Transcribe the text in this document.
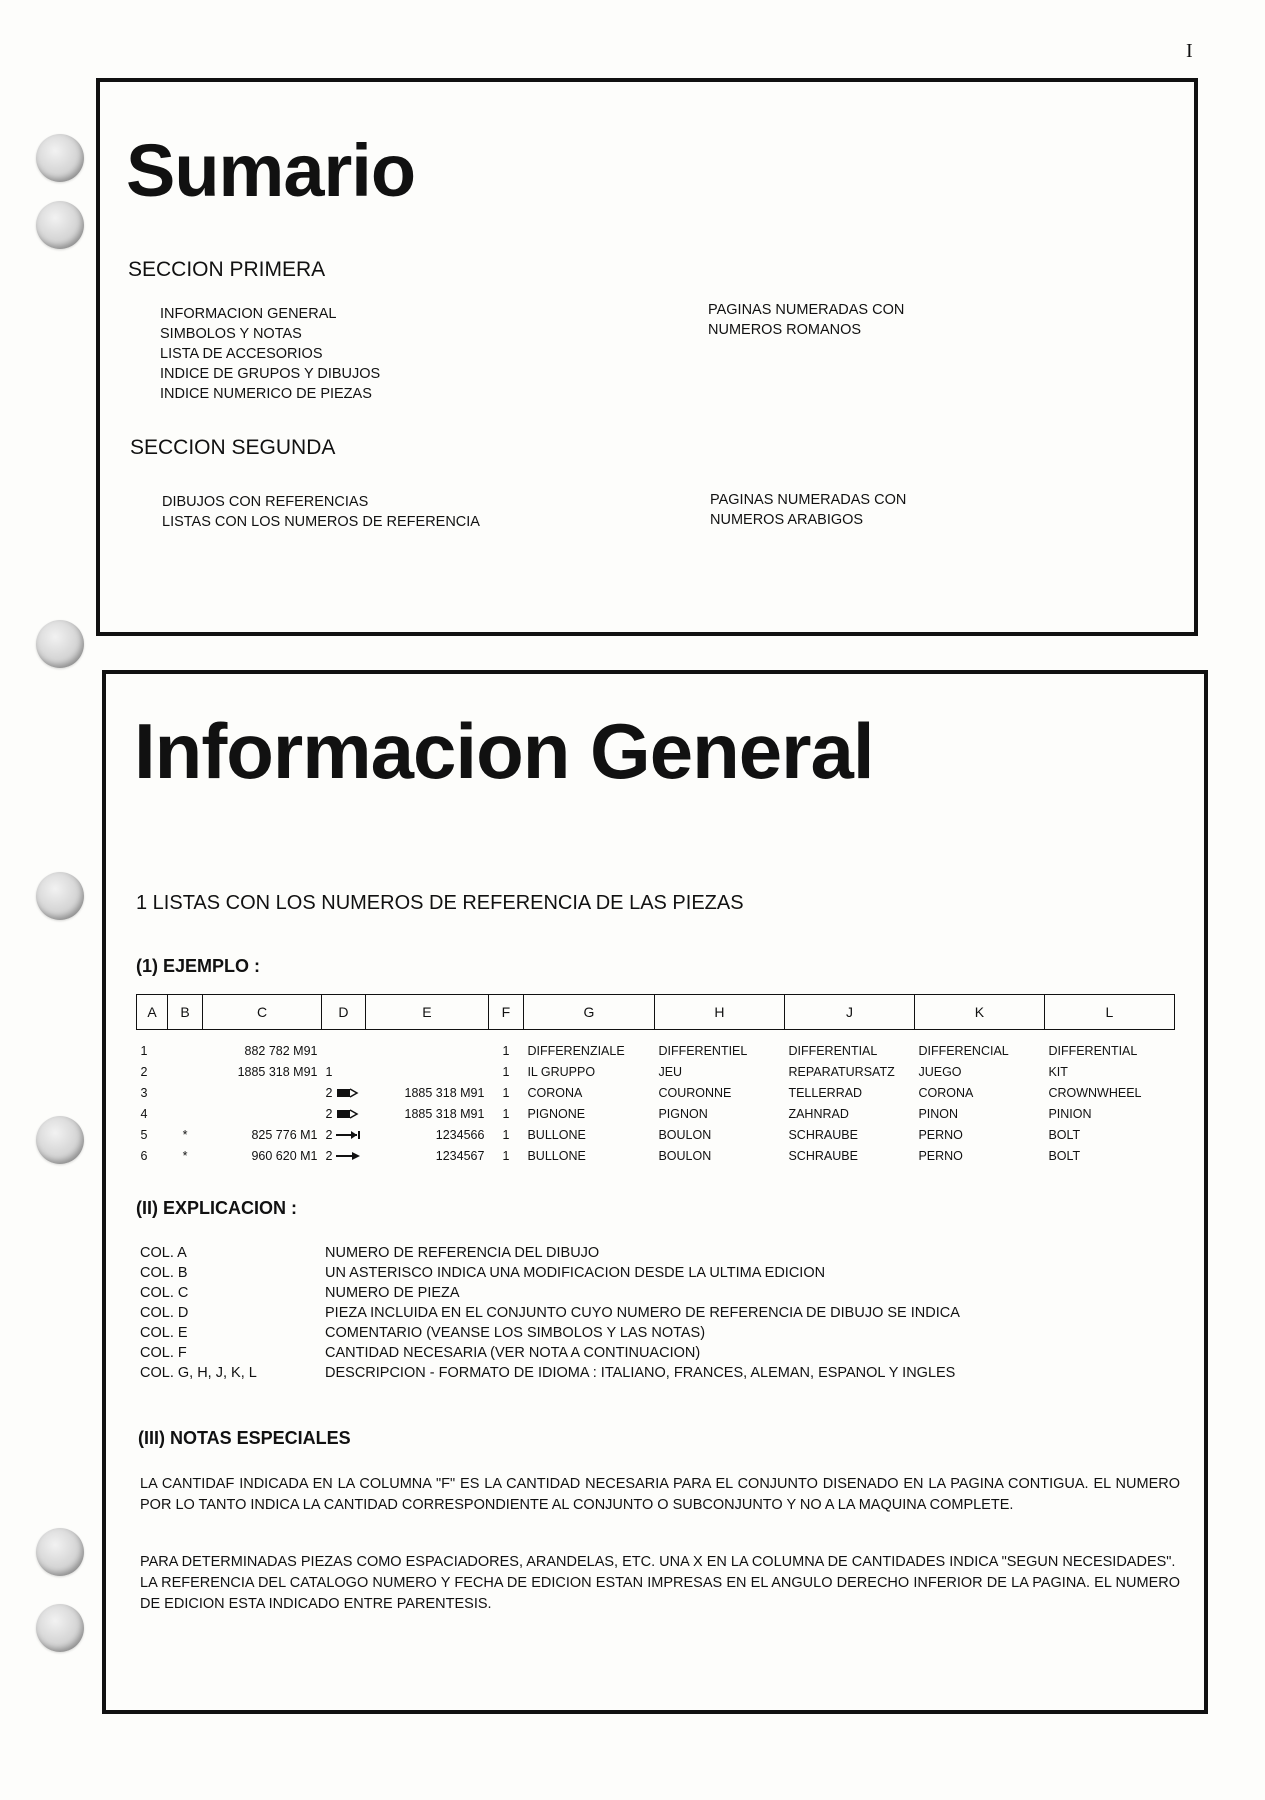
I
Sumario
SECCION PRIMERA
INFORMACION GENERAL
SIMBOLOS Y NOTAS
LISTA DE ACCESORIOS
INDICE DE GRUPOS Y DIBUJOS
INDICE NUMERICO DE PIEZAS
PAGINAS NUMERADAS CON
NUMEROS ROMANOS
SECCION SEGUNDA
DIBUJOS CON REFERENCIAS
LISTAS CON LOS NUMEROS DE REFERENCIA
PAGINAS NUMERADAS CON
NUMEROS ARABIGOS
Informacion General
1 LISTAS CON LOS NUMEROS DE REFERENCIA DE LAS PIEZAS
(1) EJEMPLO :
A	B	C	D	E	F	G	H	J	K	L

1		882 782 M91			1	DIFFERENZIALE	DIFFERENTIEL	DIFFERENTIAL	DIFFERENCIAL	DIFFERENTIAL
2		1885 318 M91	1		1	IL GRUPPO	JEU	REPARATURSATZ	JUEGO	KIT
3			2	1885 318 M91	1	CORONA	COURONNE	TELLERRAD	CORONA	CROWNWHEEL
4			2	1885 318 M91	1	PIGNONE	PIGNON	ZAHNRAD	PINON	PINION
5	*	825 776 M1	2	1234566	1	BULLONE	BOULON	SCHRAUBE	PERNO	BOLT
6	*	960 620 M1	2	1234567	1	BULLONE	BOULON	SCHRAUBE	PERNO	BOLT
(II) EXPLICACION :
COL. A	NUMERO DE REFERENCIA DEL DIBUJO
COL. B	UN ASTERISCO INDICA UNA MODIFICACION DESDE LA ULTIMA EDICION
COL. C	NUMERO DE PIEZA
COL. D	PIEZA INCLUIDA EN EL CONJUNTO CUYO NUMERO DE REFERENCIA DE DIBUJO SE INDICA
COL. E	COMENTARIO (VEANSE LOS SIMBOLOS Y LAS NOTAS)
COL. F	CANTIDAD NECESARIA (VER NOTA A CONTINUACION)
COL. G, H, J, K, L	DESCRIPCION - FORMATO DE IDIOMA : ITALIANO, FRANCES, ALEMAN, ESPANOL Y INGLES
(III) NOTAS ESPECIALES

LA CANTIDAF INDICADA EN LA COLUMNA "F" ES LA CANTIDAD NECESARIA PARA EL CONJUNTO DISENADO EN LA PAGINA CONTIGUA. EL NUMERO POR LO TANTO INDICA LA CANTIDAD CORRESPONDIENTE AL CONJUNTO O SUBCONJUNTO Y NO A LA MAQUINA COMPLETE.

PARA DETERMINADAS PIEZAS COMO ESPACIADORES, ARANDELAS, ETC. UNA X EN LA COLUMNA DE CANTIDADES INDICA "SEGUN NECESIDADES".

LA REFERENCIA DEL CATALOGO NUMERO Y FECHA DE EDICION ESTAN IMPRESAS EN EL ANGULO DERECHO INFERIOR DE LA PAGINA. EL NUMERO DE EDICION ESTA INDICADO ENTRE PARENTESIS.
